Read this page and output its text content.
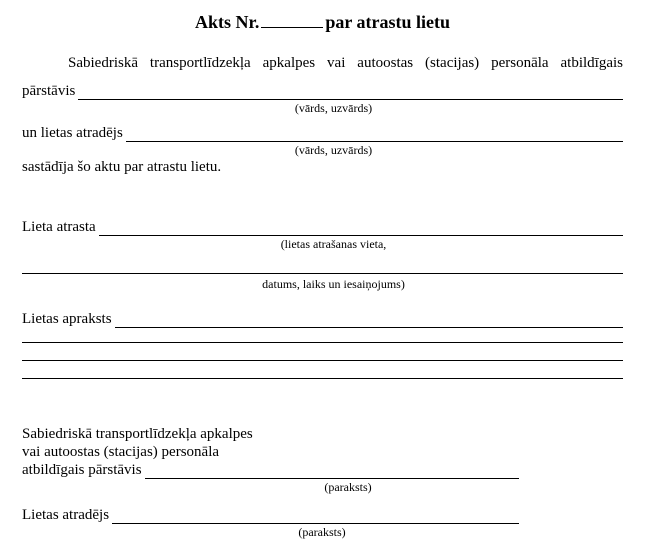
Akts Nr.	par atrastu lietu
Sabiedriskā transportlīdzekļa apkalpes vai autoostas (stacijas) personāla atbildīgais
pārstāvis
(vārds, uzvārds)
un lietas atradējs
(vārds, uzvārds)
sastādīja šo aktu par atrastu lietu.
Lieta atrasta
(lietas atrašanas vieta,
datums, laiks un iesaiņojums)
Lietas apraksts
Sabiedriskā transportlīdzekļa apkalpes
vai autoostas (stacijas) personāla
atbildīgais pārstāvis
(paraksts)
Lietas atradējs
(paraksts)
